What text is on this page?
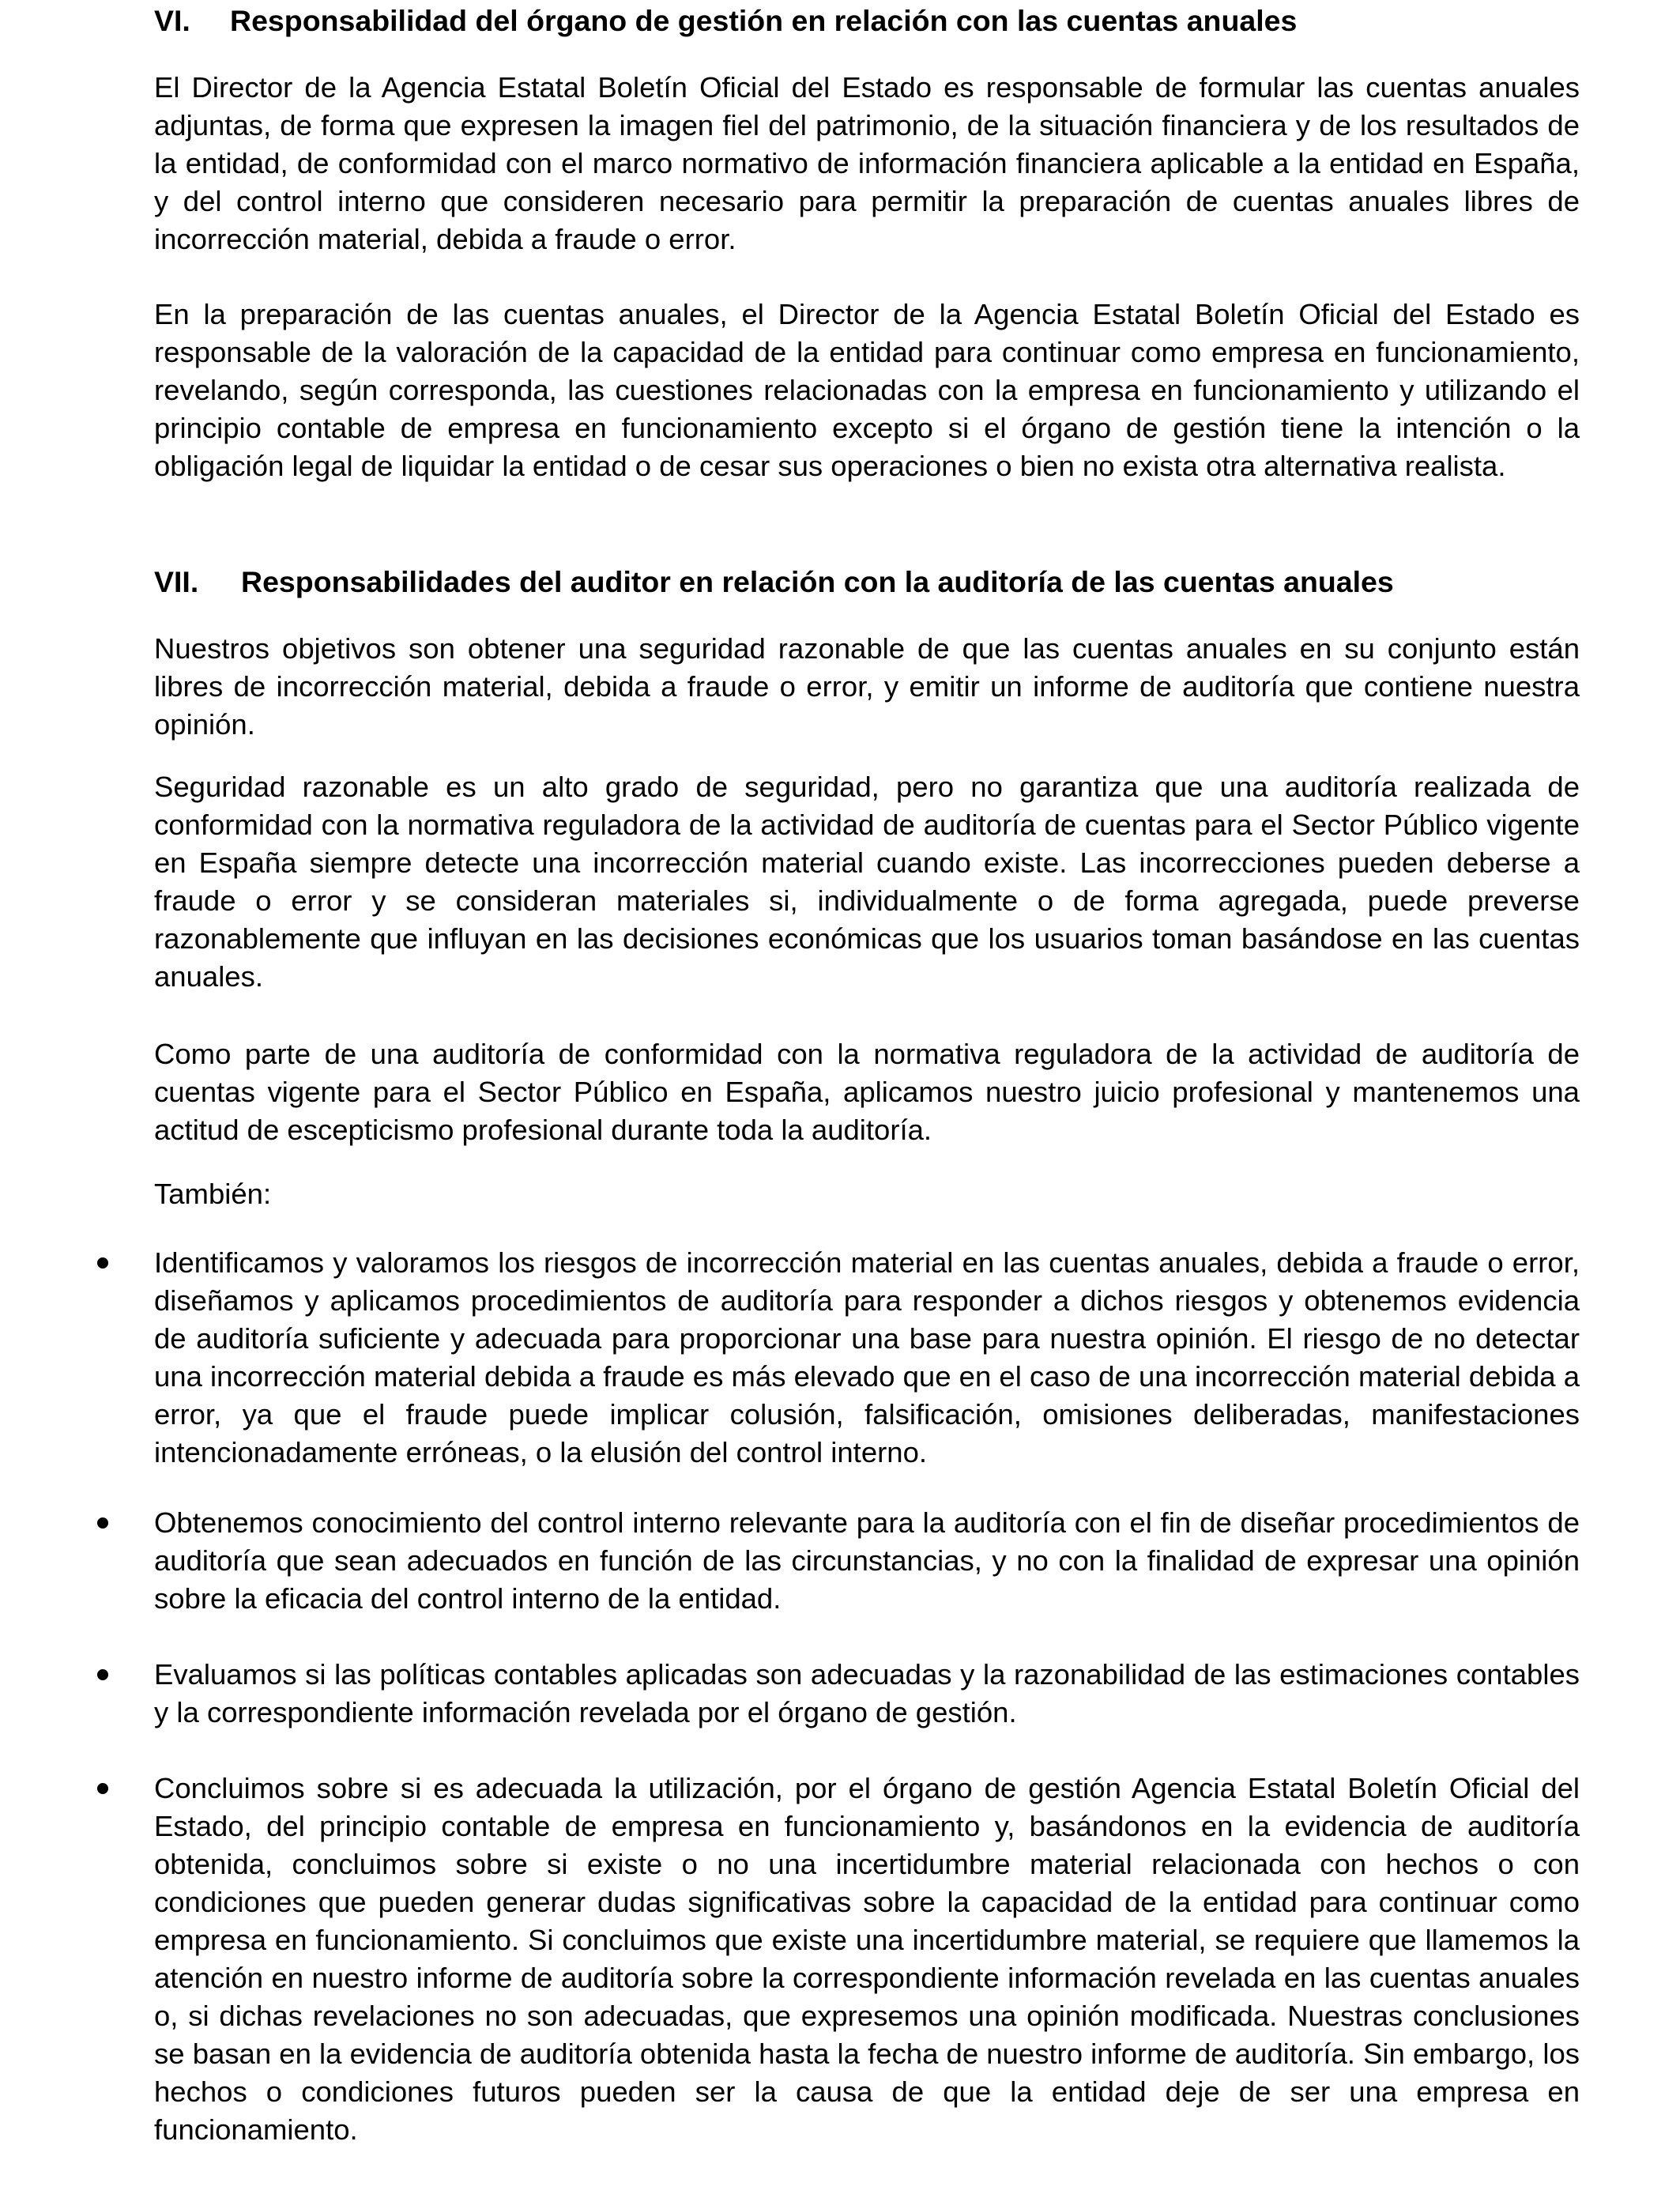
VI. Responsabilidad del órgano de gestión en relación con las cuentas anuales

El Director de la Agencia Estatal Boletín Oficial del Estado es responsable de formular las cuentas anuales adjuntas, de forma que expresen la imagen fiel del patrimonio, de la situación financiera y de los resultados de la entidad, de conformidad con el marco normativo de información financiera aplicable a la entidad en España, y del control interno que consideren necesario para permitir la preparación de cuentas anuales libres de incorrección material, debida a fraude o error.

En la preparación de las cuentas anuales, el Director de la Agencia Estatal Boletín Oficial del Estado es responsable de la valoración de la capacidad de la entidad para continuar como empresa en funcionamiento, revelando, según corresponda, las cuestiones relacionadas con la empresa en funcionamiento y utilizando el principio contable de empresa en funcionamiento excepto si el órgano de gestión tiene la intención o la obligación legal de liquidar la entidad o de cesar sus operaciones o bien no exista otra alternativa realista.

VII. Responsabilidades del auditor en relación con la auditoría de las cuentas anuales

Nuestros objetivos son obtener una seguridad razonable de que las cuentas anuales en su conjunto están libres de incorrección material, debida a fraude o error, y emitir un informe de auditoría que contiene nuestra opinión.

Seguridad razonable es un alto grado de seguridad, pero no garantiza que una auditoría realizada de conformidad con la normativa reguladora de la actividad de auditoría de cuentas para el Sector Público vigente en España siempre detecte una incorrección material cuando existe. Las incorrecciones pueden deberse a fraude o error y se consideran materiales si, individualmente o de forma agregada, puede preverse razonablemente que influyan en las decisiones económicas que los usuarios toman basándose en las cuentas anuales.

Como parte de una auditoría de conformidad con la normativa reguladora de la actividad de auditoría de cuentas vigente para el Sector Público en España, aplicamos nuestro juicio profesional y mantenemos una actitud de escepticismo profesional durante toda la auditoría.

También:

Identificamos y valoramos los riesgos de incorrección material en las cuentas anuales, debida a fraude o error, diseñamos y aplicamos procedimientos de auditoría para responder a dichos riesgos y obtenemos evidencia de auditoría suficiente y adecuada para proporcionar una base para nuestra opinión. El riesgo de no detectar una incorrección material debida a fraude es más elevado que en el caso de una incorrección material debida a error, ya que el fraude puede implicar colusión, falsificación, omisiones deliberadas, manifestaciones intencionadamente erróneas, o la elusión del control interno.

Obtenemos conocimiento del control interno relevante para la auditoría con el fin de diseñar procedimientos de auditoría que sean adecuados en función de las circunstancias, y no con la finalidad de expresar una opinión sobre la eficacia del control interno de la entidad.

Evaluamos si las políticas contables aplicadas son adecuadas y la razonabilidad de las estimaciones contables y la correspondiente información revelada por el órgano de gestión.

Concluimos sobre si es adecuada la utilización, por el órgano de gestión Agencia Estatal Boletín Oficial del Estado, del principio contable de empresa en funcionamiento y, basándonos en la evidencia de auditoría obtenida, concluimos sobre si existe o no una incertidumbre material relacionada con hechos o con condiciones que pueden generar dudas significativas sobre la capacidad de la entidad para continuar como empresa en funcionamiento. Si concluimos que existe una incertidumbre material, se requiere que llamemos la atención en nuestro informe de auditoría sobre la correspondiente información revelada en las cuentas anuales o, si dichas revelaciones no son adecuadas, que expresemos una opinión modificada. Nuestras conclusiones se basan en la evidencia de auditoría obtenida hasta la fecha de nuestro informe de auditoría. Sin embargo, los hechos o condiciones futuros pueden ser la causa de que la entidad deje de ser una empresa en funcionamiento.
